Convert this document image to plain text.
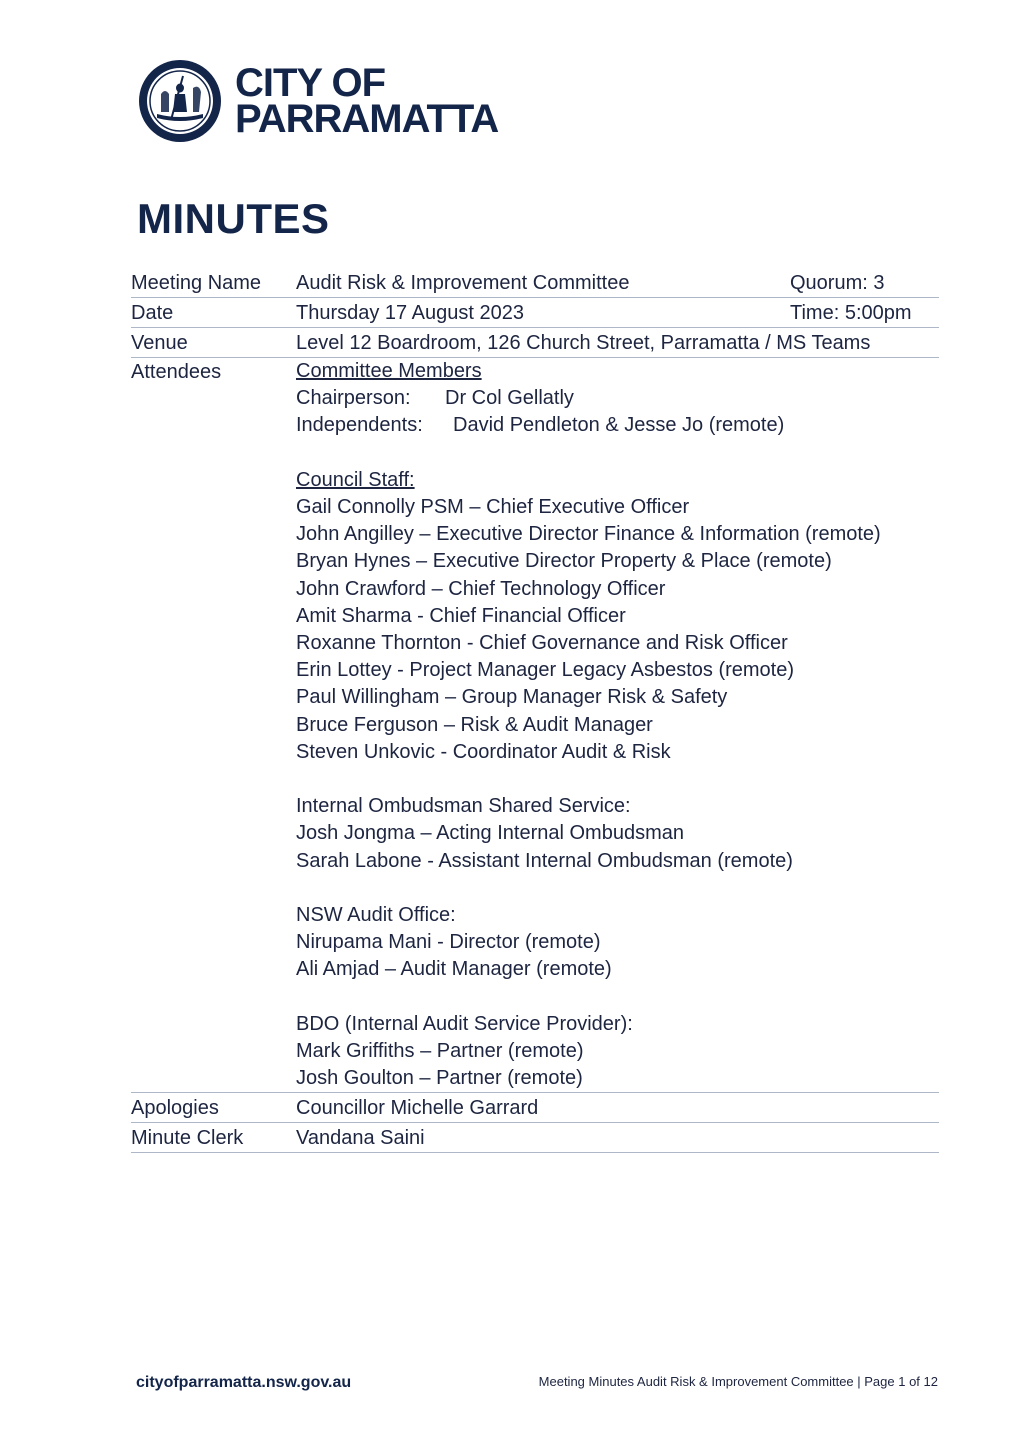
CITY OF
PARRAMATTA
MINUTES
Meeting Name	Audit Risk & Improvement Committee	Quorum: 3
Date	Thursday 17 August 2023	Time: 5:00pm
Venue	Level 12 Boardroom, 126 Church Street, Parramatta / MS Teams
Attendees	Committee Members
Chairperson: Dr Col Gellatly
Independents: David Pendleton & Jesse Jo (remote)
Council Staff:
Gail Connolly PSM – Chief Executive Officer
John Angilley – Executive Director Finance & Information (remote)
Bryan Hynes – Executive Director Property & Place (remote)
John Crawford – Chief Technology Officer
Amit Sharma - Chief Financial Officer
Roxanne Thornton - Chief Governance and Risk Officer
Erin Lottey - Project Manager Legacy Asbestos (remote)
Paul Willingham – Group Manager Risk & Safety
Bruce Ferguson – Risk & Audit Manager
Steven Unkovic - Coordinator Audit & Risk
Internal Ombudsman Shared Service:
Josh Jongma – Acting Internal Ombudsman
Sarah Labone - Assistant Internal Ombudsman (remote)
NSW Audit Office:
Nirupama Mani - Director (remote)
Ali Amjad – Audit Manager (remote)
BDO (Internal Audit Service Provider):
Mark Griffiths – Partner (remote)
Josh Goulton – Partner (remote)
Apologies	Councillor Michelle Garrard
Minute Clerk	Vandana Saini
cityofparramatta.nsw.gov.au	Meeting Minutes Audit Risk & Improvement Committee | Page 1 of 12
